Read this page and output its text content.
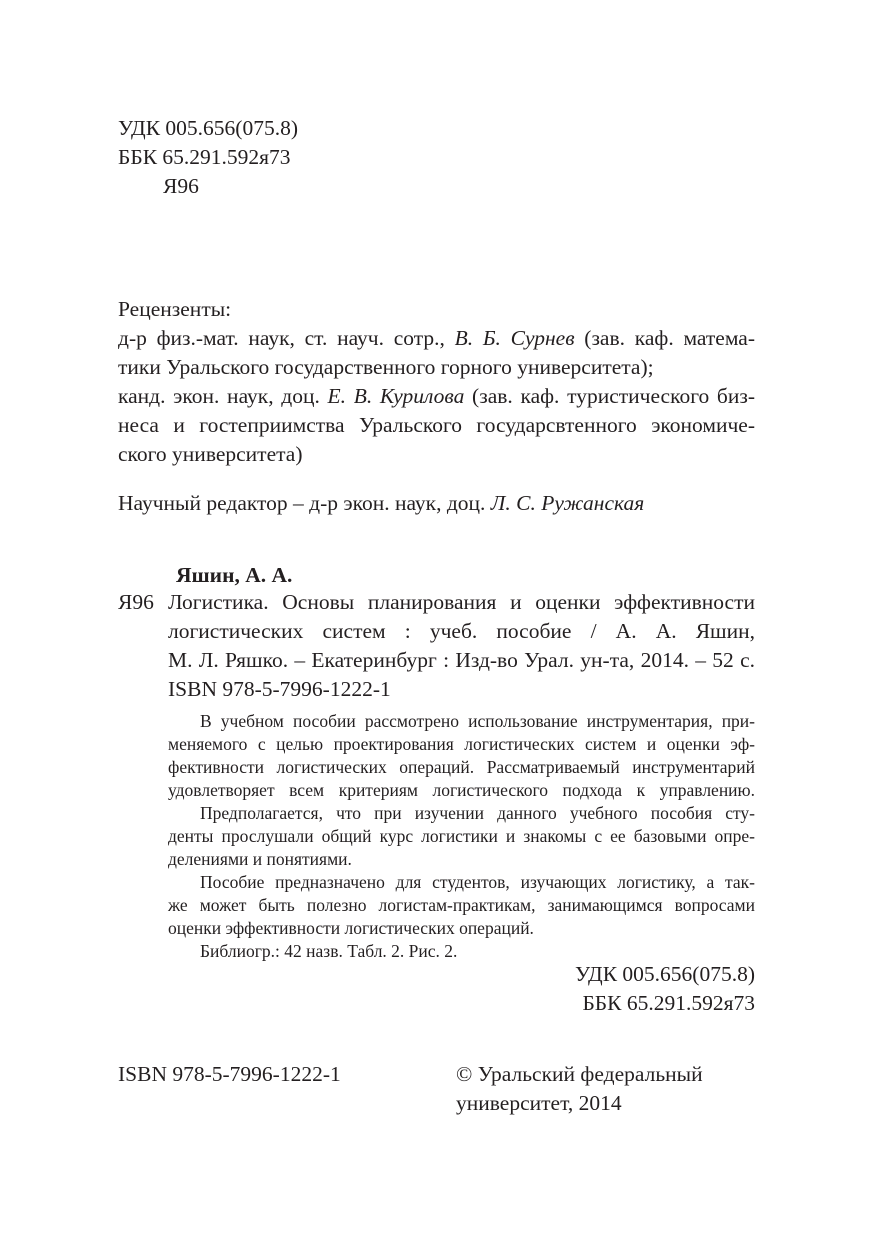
УДК 005.656(075.8)
ББК 65.291.592я73
Я96
Рецензенты:
д-р физ.-мат. наук, ст. науч. сотр., В. Б. Сурнев (зав. каф. матема-
тики Уральского государственного горного университета);
канд. экон. наук, доц. Е. В. Курилова (зав. каф. туристического биз-
неса и гостеприимства Уральского государсвтенного экономиче-
ского университета)
Научный редактор – д-р экон. наук, доц. Л. С. Ружанская
Яшин, А. А.
Я96 Логистика. Основы планирования и оценки эффективности
логистических систем : учеб. пособие / А. А. Яшин,
М. Л. Ряшко. – Екатеринбург : Изд-во Урал. ун-та, 2014. – 52 с.
ISBN 978-5-7996-1222-1
В учебном пособии рассмотрено использование инструментария, при-
меняемого с целью проектирования логистических систем и оценки эф-
фективности логистических операций. Рассматриваемый инструментарий
удовлетворяет всем критериям логистического подхода к управлению.
Предполагается, что при изучении данного учебного пособия сту-
денты прослушали общий курс логистики и знакомы с ее базовыми опре-
делениями и понятиями.
Пособие предназначено для студентов, изучающих логистику, а так-
же может быть полезно логистам-практикам, занимающимся вопросами
оценки эффективности логистических операций.
Библиогр.: 42 назв. Табл. 2. Рис. 2.
УДК 005.656(075.8)
ББК 65.291.592я73
ISBN 978-5-7996-1222-1	© Уральский федеральный
университет, 2014
